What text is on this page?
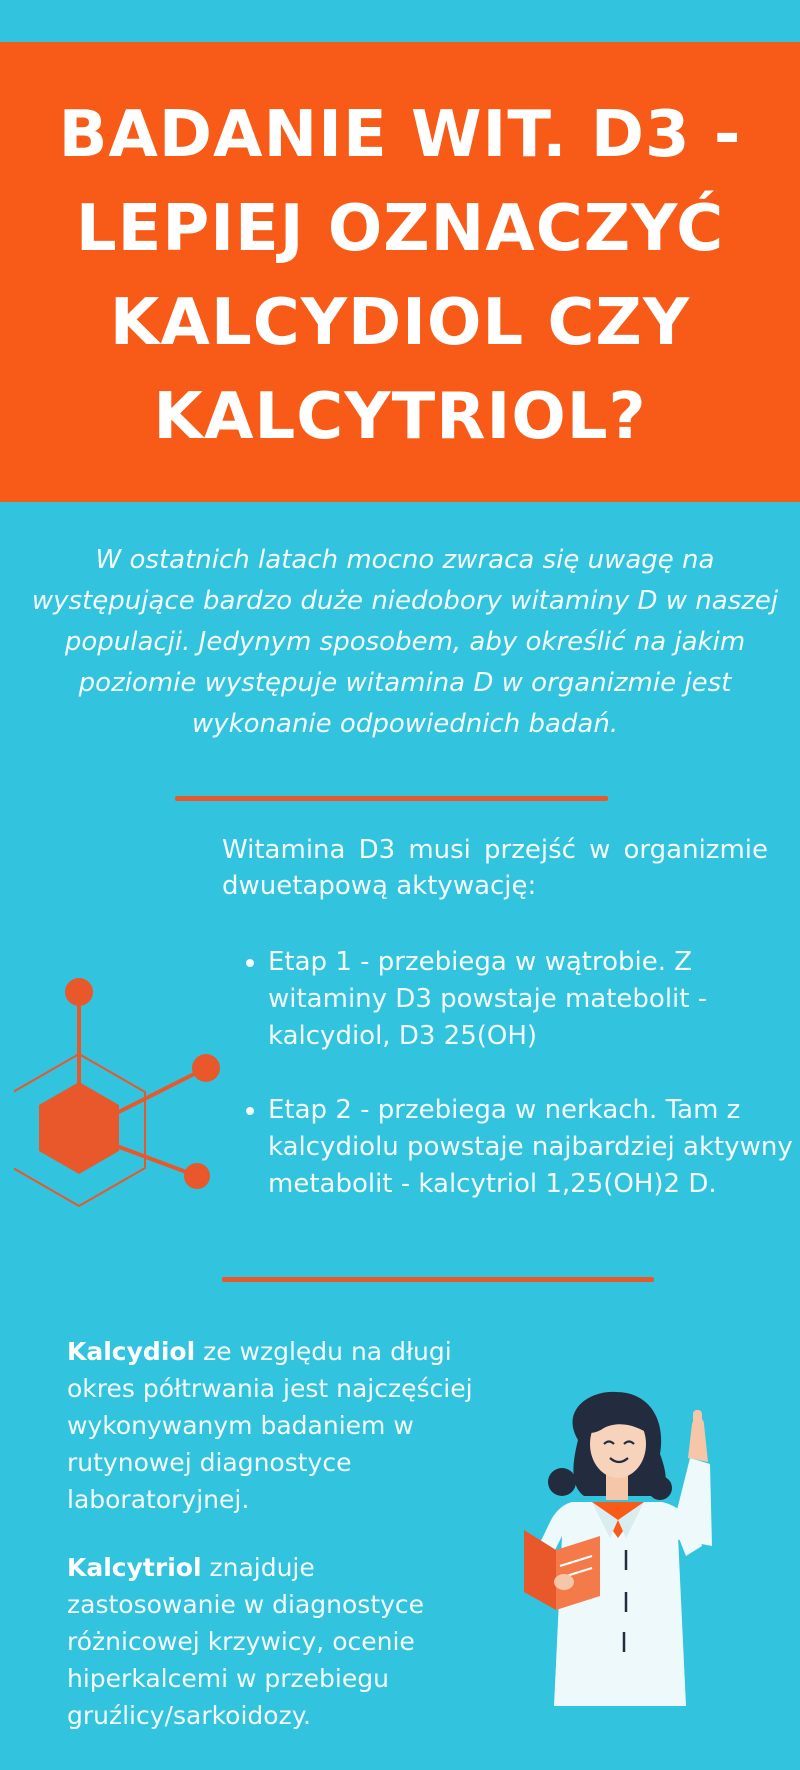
BADANIE WIT. D3 - LEPIEJ OZNACZYĆ KALCYDIOL CZY KALCYTRIOL?

W ostatnich latach mocno zwraca się uwagę na występujące bardzo duże niedobory witaminy D w naszej populacji. Jedynym sposobem, aby określić na jakim poziomie występuje witamina D w organizmie jest wykonanie odpowiednich badań.

Witamina D3 musi przejść w organizmie dwuetapową aktywację:

• Etap 1 - przebiega w wątrobie. Z witaminy D3 powstaje matebolit - kalcydiol, D3 25(OH)
• Etap 2 - przebiega w nerkach. Tam z kalcydiolu powstaje najbardziej aktywny metabolit - kalcytriol 1,25(OH)2 D.

Kalcydiol ze względu na długi okres półtrwania jest najczęściej wykonywanym badaniem w rutynowej diagnostyce laboratoryjnej.

Kalcytriol znajduje zastosowanie w diagnostyce różnicowej krzywicy, ocenie hiperkalcemi w przebiegu gruźlicy/sarkoidozy.
